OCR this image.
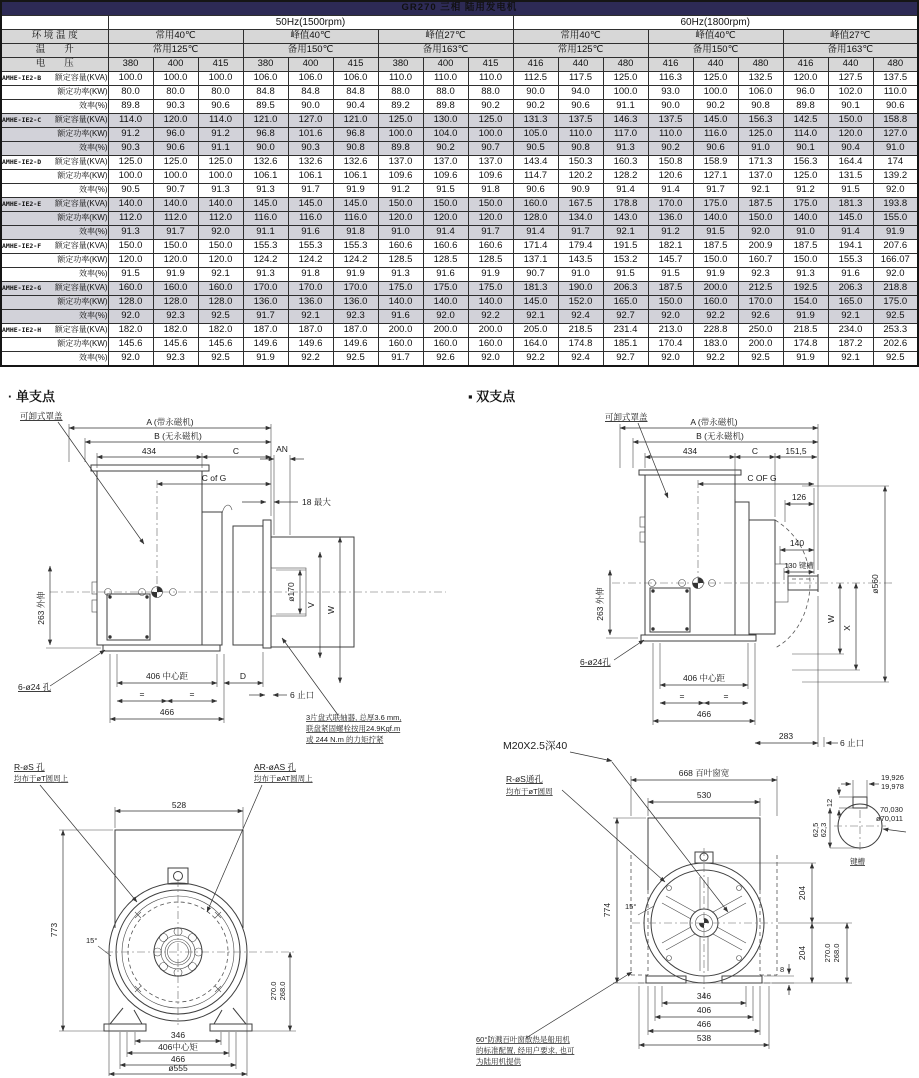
GR270 三相 陆用发电机																		
	50Hz(1500rpm)									60Hz(1800rpm)								
环 境 温 度	常用40℃			峰值40℃			峰值27℃			常用40℃			峰值40℃			峰值27℃		
温　　升	常用125℃			备用150℃			备用163℃			常用125℃			备用150℃			备用163℃		
电　　压	380	400	415	380	400	415	380	400	415	416	440	480	416	440	480	416	440	480

AMHE-IE2-B 额定容量(KVA)	100.0	100.0	100.0	106.0	106.0	106.0	110.0	110.0	110.0	112.5	117.5	125.0	116.3	125.0	132.5	120.0	127.5	137.5

额定功率(KW)	80.0	80.0	80.0	84.8	84.8	84.8	88.0	88.0	88.0	90.0	94.0	100.0	93.0	100.0	106.0	96.0	102.0	110.0

效率(%)	89.8	90.3	90.6	89.5	90.0	90.4	89.2	89.8	90.2	90.2	90.6	91.1	90.0	90.2	90.8	89.8	90.1	90.6

AMHE-IE2-C 额定容量(KVA)	114.0	120.0	114.0	121.0	127.0	121.0	125.0	130.0	125.0	131.3	137.5	146.3	137.5	145.0	156.3	142.5	150.0	158.8

额定功率(KW)	91.2	96.0	91.2	96.8	101.6	96.8	100.0	104.0	100.0	105.0	110.0	117.0	110.0	116.0	125.0	114.0	120.0	127.0

效率(%)	90.3	90.6	91.1	90.0	90.3	90.8	89.8	90.2	90.7	90.5	90.8	91.3	90.2	90.6	91.0	90.1	90.4	91.0

AMHE-IE2-D 额定容量(KVA)	125.0	125.0	125.0	132.6	132.6	132.6	137.0	137.0	137.0	143.4	150.3	160.3	150.8	158.9	171.3	156.3	164.4	174

额定功率(KW)	100.0	100.0	100.0	106.1	106.1	106.1	109.6	109.6	109.6	114.7	120.2	128.2	120.6	127.1	137.0	125.0	131.5	139.2

效率(%)	90.5	90.7	91.3	91.3	91.7	91.9	91.2	91.5	91.8	90.6	90.9	91.4	91.4	91.7	92.1	91.2	91.5	92.0

AMHE-IE2-E 额定容量(KVA)	140.0	140.0	140.0	145.0	145.0	145.0	150.0	150.0	150.0	160.0	167.5	178.8	170.0	175.0	187.5	175.0	181.3	193.8

额定功率(KW)	112.0	112.0	112.0	116.0	116.0	116.0	120.0	120.0	120.0	128.0	134.0	143.0	136.0	140.0	150.0	140.0	145.0	155.0

效率(%)	91.3	91.7	92.0	91.1	91.6	91.8	91.0	91.4	91.7	91.4	91.7	92.1	91.2	91.5	92.0	91.0	91.4	91.9

AMHE-IE2-F 额定容量(KVA)	150.0	150.0	150.0	155.3	155.3	155.3	160.6	160.6	160.6	171.4	179.4	191.5	182.1	187.5	200.9	187.5	194.1	207.6

额定功率(KW)	120.0	120.0	120.0	124.2	124.2	124.2	128.5	128.5	128.5	137.1	143.5	153.2	145.7	150.0	160.7	150.0	155.3	166.07

效率(%)	91.5	91.9	92.1	91.3	91.8	91.9	91.3	91.6	91.9	90.7	91.0	91.5	91.5	91.9	92.3	91.3	91.6	92.0

AMHE-IE2-G 额定容量(KVA)	160.0	160.0	160.0	170.0	170.0	170.0	175.0	175.0	175.0	181.3	190.0	206.3	187.5	200.0	212.5	192.5	206.3	218.8

额定功率(KW)	128.0	128.0	128.0	136.0	136.0	136.0	140.0	140.0	140.0	145.0	152.0	165.0	150.0	160.0	170.0	154.0	165.0	175.0

效率(%)	92.0	92.3	92.5	91.7	92.1	92.3	91.6	92.0	92.2	92.1	92.4	92.7	92.0	92.2	92.6	91.9	92.1	92.5

AMHE-IE2-H 额定容量(KVA)	182.0	182.0	182.0	187.0	187.0	187.0	200.0	200.0	200.0	205.0	218.5	231.4	213.0	228.8	250.0	218.5	234.0	253.3

额定功率(KW)	145.6	145.6	145.6	149.6	149.6	149.6	160.0	160.0	160.0	164.0	174.8	185.1	170.4	183.0	200.0	174.8	187.2	202.6

效率(%)	92.0	92.3	92.5	91.9	92.2	92.5	91.7	92.6	92.0	92.2	92.4	92.7	92.0	92.2	92.5	91.9	92.1	92.5
· 单支点	▪ 双支点
可卸式罩盖
A (带永磁机)
B (无永磁机)
434	C
C of G
AN
18 最大
263 外伸
6-ø24 孔
406 中心距
=	=
466
D
6 止口
ø170
V
W
3片盘式联轴器, 总厚3.6 mm,
联盘紧固螺栓按用24.9Kgf.m
或 244 N.m 的力矩拧紧
R-øS 孔
均布于øT圆周上
AR-øAS 孔
均布于øAT圆周上
528
773
15°
270.0 268.0
346
406中心矩
466
ø555
可卸式罩盖	A (带永磁机)
B (无永磁机)
434	C	151,5
C OF G
126
140
130 键槽
263 外伸
6-ø24孔
406 中心距
=	=
466
283
6 止口
W
X
ø560
M20X2.5深40
R-øS通孔
均布于øT圆周
668 百叶窗宽
530
774 15°
204
204 270.0 268.0
8
346
406
466
538
60°防溅百叶窗散热是船用机
的标准配置, 经用户要求, 也可
为陆用机提供
12
19,926
19,978
62,5 62,3
70,030
ø70,011
键槽
